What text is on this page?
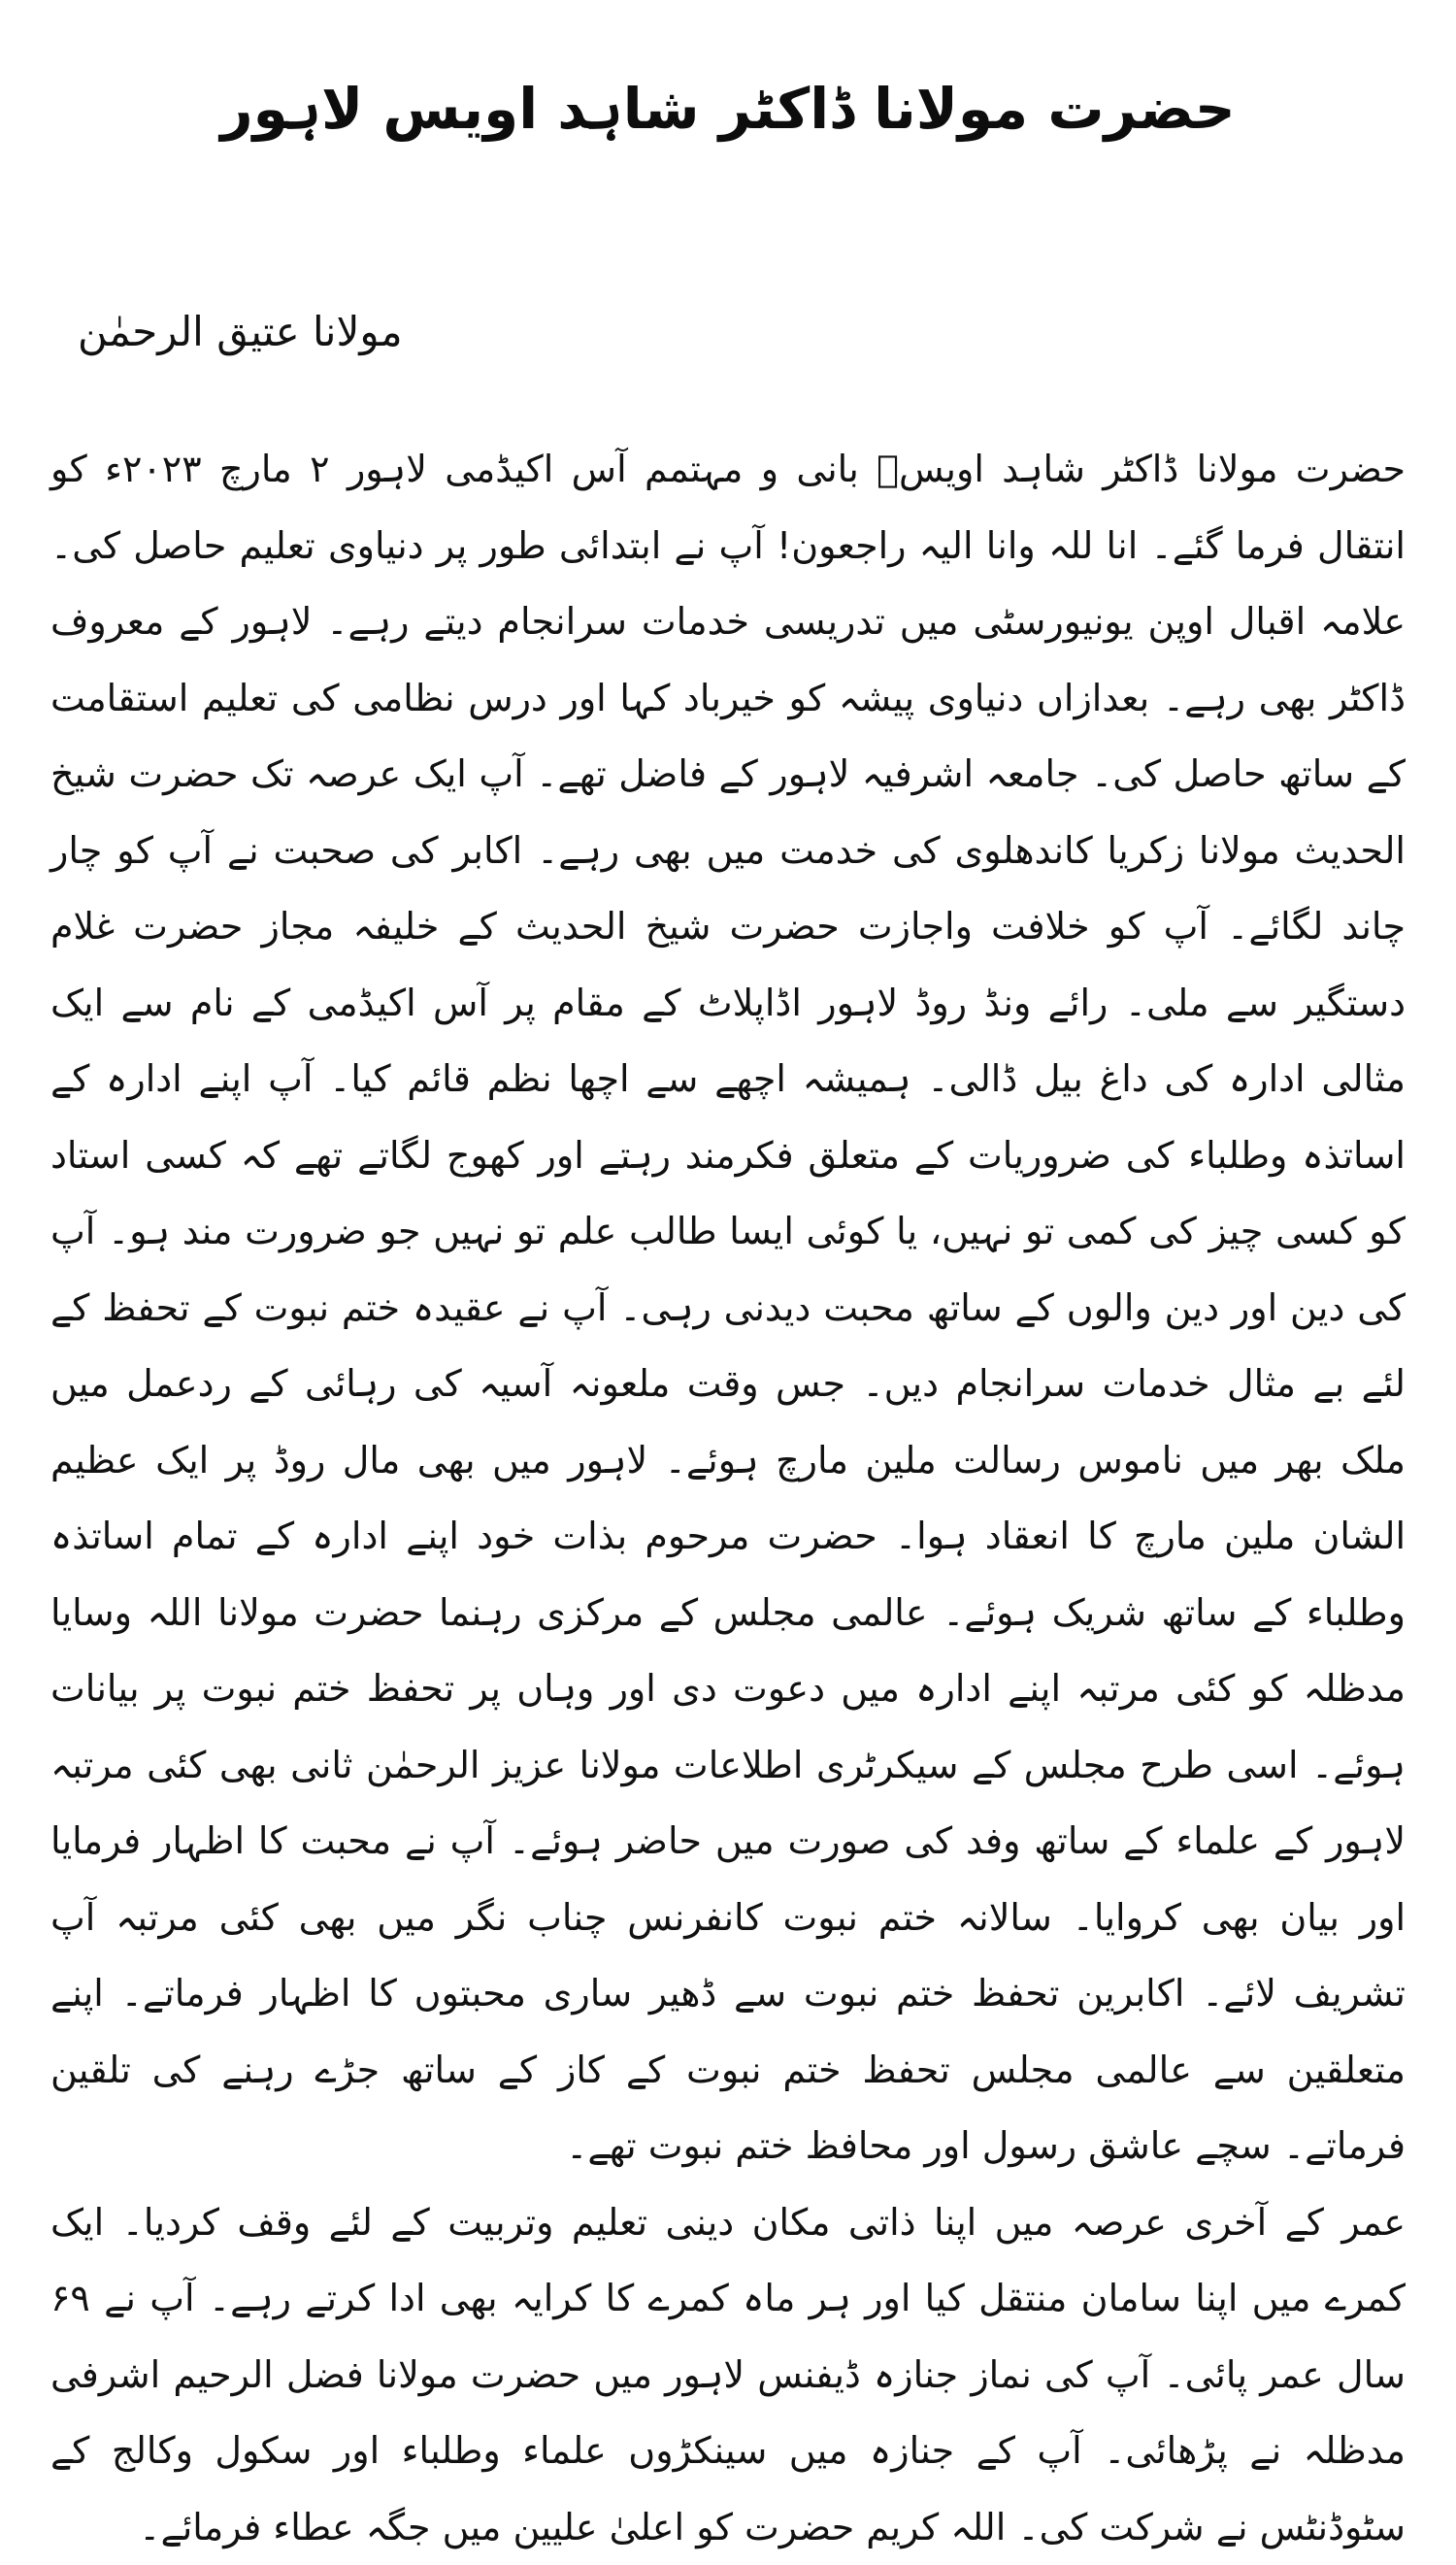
حضرت مولانا ڈاکٹر شاہد اویس لاہور
مولانا عتیق الرحمٰن

حضرت مولانا ڈاکٹر شاہد اویسؒ بانی و مہتمم آس اکیڈمی لاہور ۲ مارچ ۲۰۲۳ء کو انتقال فرما گئے۔ انا للہ وانا الیہ راجعون! آپ نے ابتدائی طور پر دنیاوی تعلیم حاصل کی۔ علامہ اقبال اوپن یونیورسٹی میں تدریسی خدمات سرانجام دیتے رہے۔ لاہور کے معروف ڈاکٹر بھی رہے۔ بعدازاں دنیاوی پیشہ کو خیرباد کہا اور درس نظامی کی تعلیم استقامت کے ساتھ حاصل کی۔ جامعہ اشرفیہ لاہور کے فاضل تھے۔ آپ ایک عرصہ تک حضرت شیخ الحدیث مولانا زکریا کاندھلوی کی خدمت میں بھی رہے۔ اکابر کی صحبت نے آپ کو چار چاند لگائے۔ آپ کو خلافت واجازت حضرت شیخ الحدیث کے خلیفہ مجاز حضرت غلام دستگیر سے ملی۔ رائے ونڈ روڈ لاہور اڈاپلاٹ کے مقام پر آس اکیڈمی کے نام سے ایک مثالی ادارہ کی داغ بیل ڈالی۔ ہمیشہ اچھے سے اچھا نظم قائم کیا۔ آپ اپنے ادارہ کے اساتذہ وطلباء کی ضروریات کے متعلق فکرمند رہتے اور کھوج لگاتے تھے کہ کسی استاد کو کسی چیز کی کمی تو نہیں، یا کوئی ایسا طالب علم تو نہیں جو ضرورت مند ہو۔ آپ کی دین اور دین والوں کے ساتھ محبت دیدنی رہی۔ آپ نے عقیدہ ختم نبوت کے تحفظ کے لئے بے مثال خدمات سرانجام دیں۔ جس وقت ملعونہ آسیہ کی رہائی کے ردعمل میں ملک بھر میں ناموس رسالت ملین مارچ ہوئے۔ لاہور میں بھی مال روڈ پر ایک عظیم الشان ملین مارچ کا انعقاد ہوا۔ حضرت مرحوم بذات خود اپنے ادارہ کے تمام اساتذہ وطلباء کے ساتھ شریک ہوئے۔ عالمی مجلس کے مرکزی رہنما حضرت مولانا اللہ وسایا مدظلہ کو کئی مرتبہ اپنے ادارہ میں دعوت دی اور وہاں پر تحفظ ختم نبوت پر بیانات ہوئے۔ اسی طرح مجلس کے سیکرٹری اطلاعات مولانا عزیز الرحمٰن ثانی بھی کئی مرتبہ لاہور کے علماء کے ساتھ وفد کی صورت میں حاضر ہوئے۔ آپ نے محبت کا اظہار فرمایا اور بیان بھی کروایا۔ سالانہ ختم نبوت کانفرنس چناب نگر میں بھی کئی مرتبہ آپ تشریف لائے۔ اکابرین تحفظ ختم نبوت سے ڈھیر ساری محبتوں کا اظہار فرماتے۔ اپنے متعلقین سے عالمی مجلس تحفظ ختم نبوت کے کاز کے ساتھ جڑے رہنے کی تلقین فرماتے۔ سچے عاشق رسول اور محافظ ختم نبوت تھے۔

عمر کے آخری عرصہ میں اپنا ذاتی مکان دینی تعلیم وتربیت کے لئے وقف کردیا۔ ایک کمرے میں اپنا سامان منتقل کیا اور ہر ماہ کمرے کا کرایہ بھی ادا کرتے رہے۔ آپ نے ۶۹ سال عمر پائی۔ آپ کی نماز جنازہ ڈیفنس لاہور میں حضرت مولانا فضل الرحیم اشرفی مدظلہ نے پڑھائی۔ آپ کے جنازہ میں سینکڑوں علماء وطلباء اور سکول وکالج کے سٹوڈنٹس نے شرکت کی۔ اللہ کریم حضرت کو اعلیٰ علیین میں جگہ عطاء فرمائے۔
